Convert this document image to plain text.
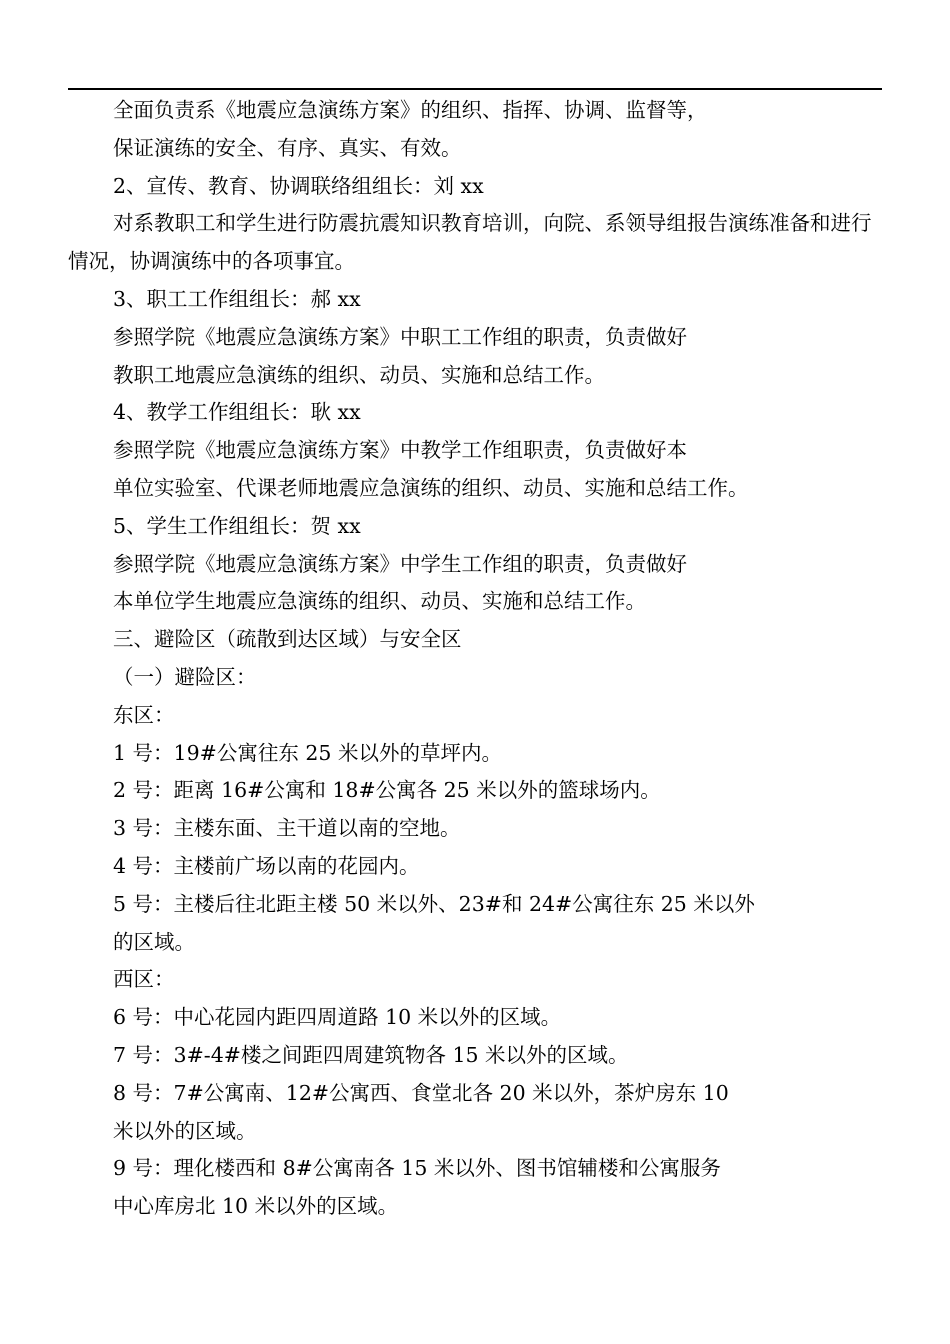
全面负责系《地震应急演练方案》的组织、指挥、协调、监督等，
保证演练的安全、有序、真实、有效。
2、宣传、教育、协调联络组组长：刘 xx
对系教职工和学生进行防震抗震知识教育培训，向院、系领导组报告演练准备和进行情况，协调演练中的各项事宜。
3、职工工作组组长：郝 xx
参照学院《地震应急演练方案》中职工工作组的职责，负责做好
教职工地震应急演练的组织、动员、实施和总结工作。
4、教学工作组组长：耿 xx
参照学院《地震应急演练方案》中教学工作组职责，负责做好本
单位实验室、代课老师地震应急演练的组织、动员、实施和总结工作。
5、学生工作组组长：贺 xx
参照学院《地震应急演练方案》中学生工作组的职责，负责做好
本单位学生地震应急演练的组织、动员、实施和总结工作。
三、避险区（疏散到达区域）与安全区
（一）避险区：
东区：
1 号：19#公寓往东 25 米以外的草坪内。
2 号：距离 16#公寓和 18#公寓各 25 米以外的篮球场内。
3 号：主楼东面、主干道以南的空地。
4 号：主楼前广场以南的花园内。
5 号：主楼后往北距主楼 50 米以外、23#和 24#公寓往东 25 米以外
的区域。
西区：
6 号：中心花园内距四周道路 10 米以外的区域。
7 号：3#-4#楼之间距四周建筑物各 15 米以外的区域。
8 号：7#公寓南、12#公寓西、食堂北各 20 米以外，茶炉房东 10
米以外的区域。
9 号：理化楼西和 8#公寓南各 15 米以外、图书馆辅楼和公寓服务
中心库房北 10 米以外的区域。
